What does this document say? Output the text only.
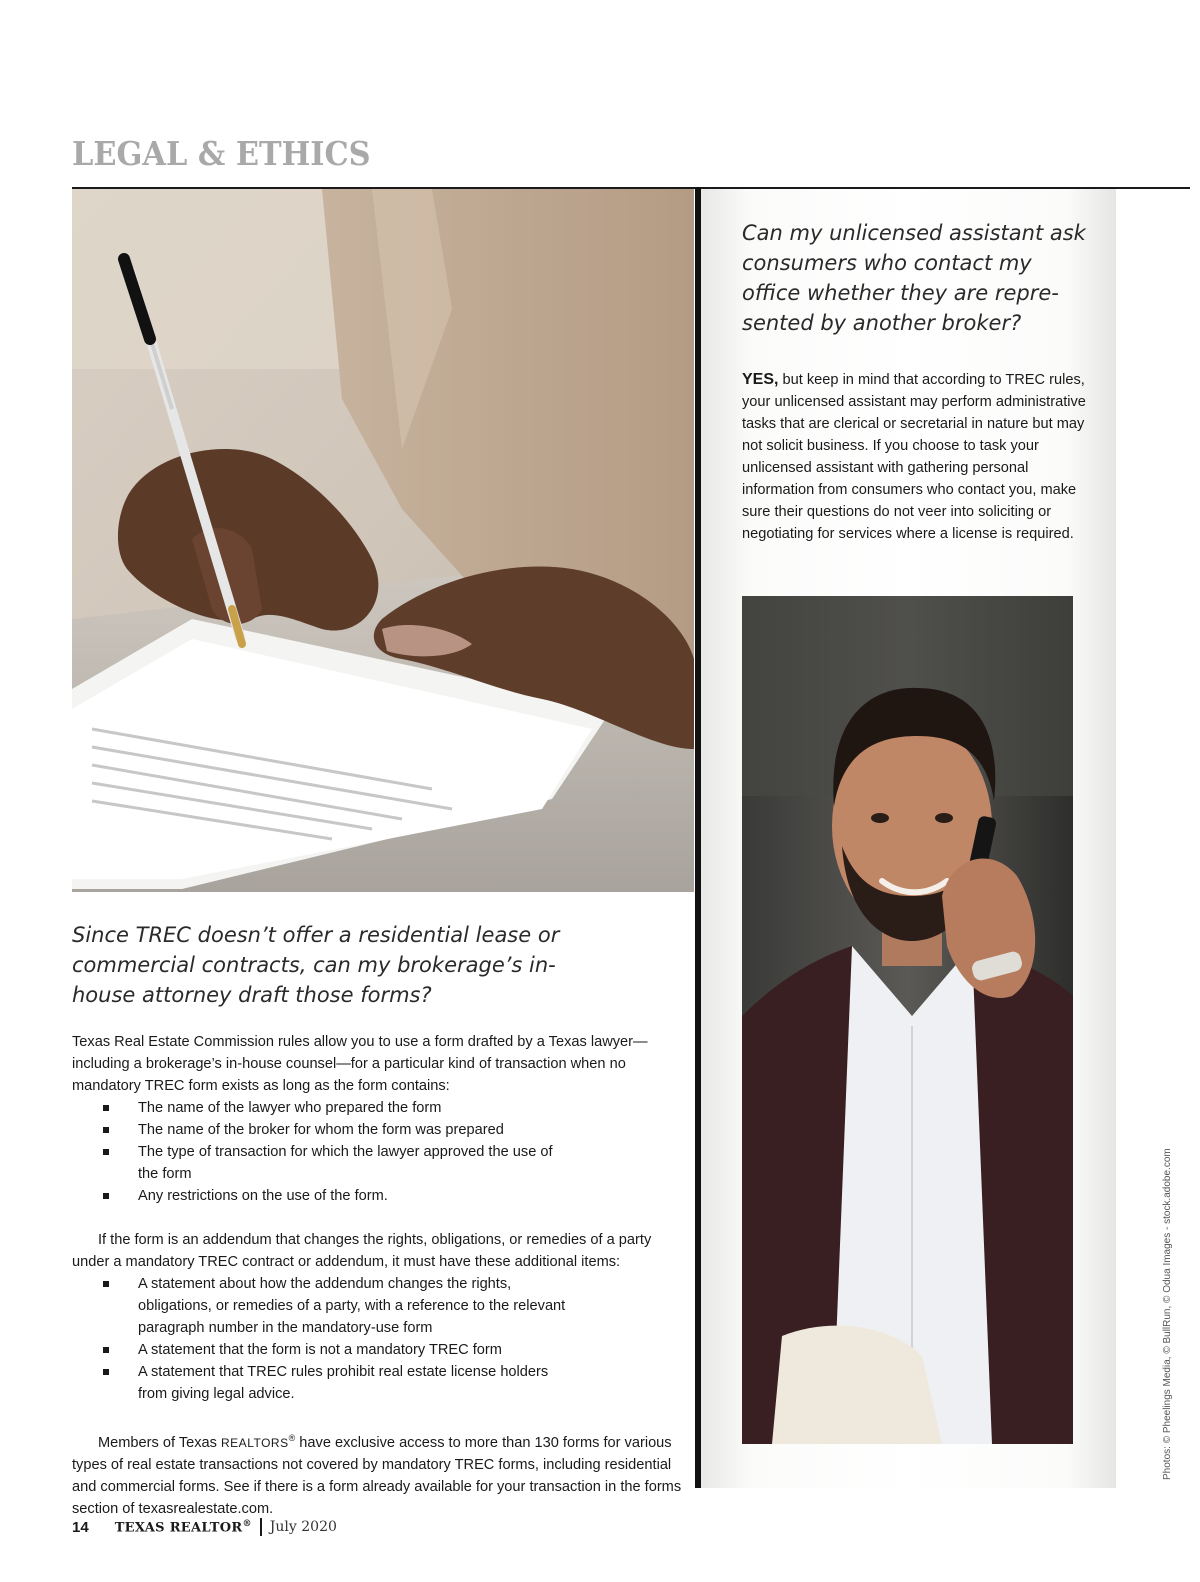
LEGAL & ETHICS
Since TREC doesn’t offer a residential lease or commercial contracts, can my brokerage’s in-house attorney draft those forms?

Texas Real Estate Commission rules allow you to use a form drafted by a Texas lawyer—including a brokerage’s in-house counsel—for a particular kind of transaction when no mandatory TREC form exists as long as the form contains:

The name of the lawyer who prepared the form
The name of the broker for whom the form was prepared
The type of transaction for which the lawyer approved the use of the form
Any restrictions on the use of the form.

If the form is an addendum that changes the rights, obligations, or remedies of a party under a mandatory TREC contract or addendum, it must have these additional items:

A statement about how the addendum changes the rights, obligations, or remedies of a party, with a reference to the relevant paragraph number in the mandatory-use form
A statement that the form is not a mandatory TREC form
A statement that TREC rules prohibit real estate license holders from giving legal advice.

Members of Texas REALTORS® have exclusive access to more than 130 forms for various types of real estate transactions not covered by mandatory TREC forms, including residential and commercial forms. See if there is a form already available for your transaction in the forms section of texasrealestate.com.

Can my unlicensed assistant ask consumers who contact my office whether they are repre-sented by another broker?
YES, but keep in mind that according to TREC rules, your unlicensed assistant may perform administrative tasks that are clerical or secretarial in nature but may not solicit business. If you choose to task your unlicensed assistant with gathering personal information from consumers who contact you, make sure their questions do not veer into soliciting or negotiating for services where a license is required.
Photos: © Pheelings Media, © BullRun, © Odua Images - stock.adobe.com
14 TEXAS REALTOR® July 2020
